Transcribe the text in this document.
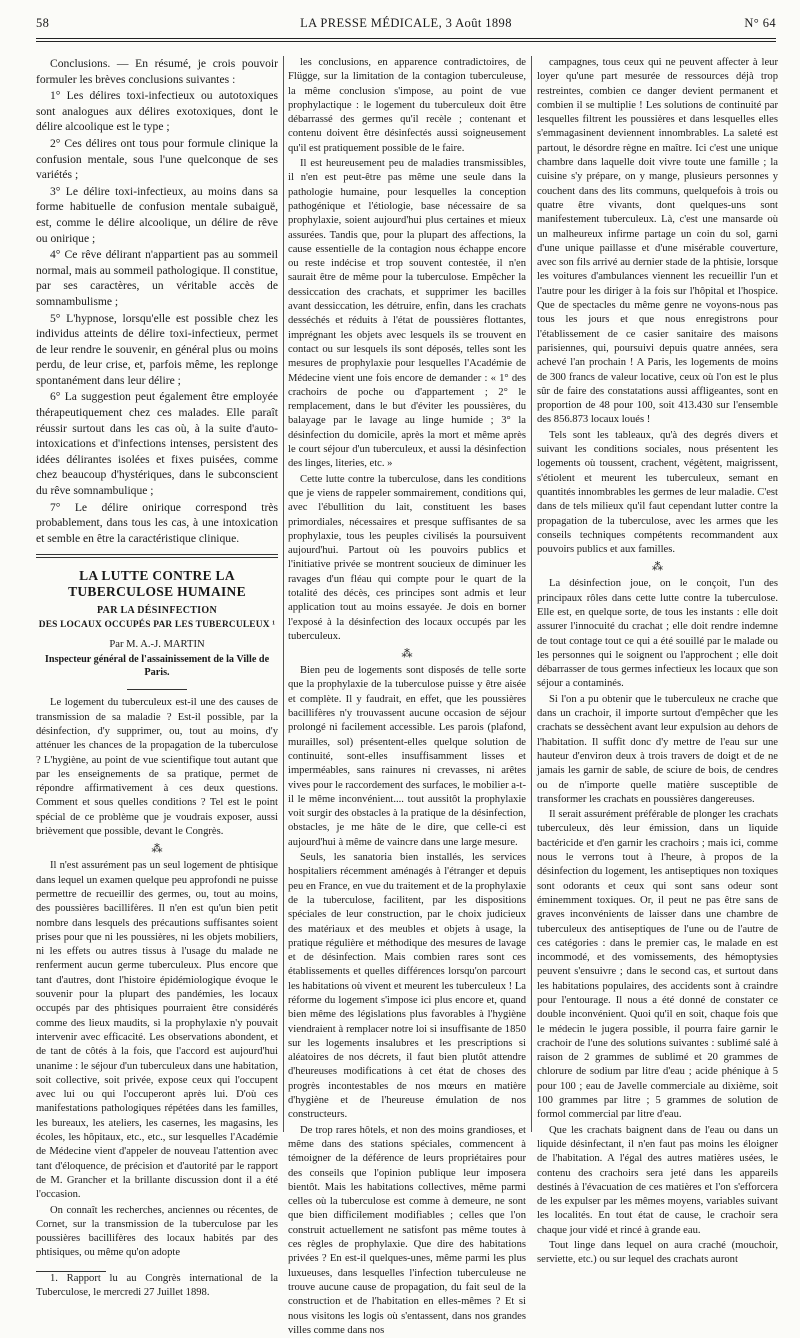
58	LA PRESSE MÉDICALE, 3 Août 1898	N° 64

Conclusions. — En résumé, je crois pouvoir formuler les brèves conclusions suivantes :

1° Les délires toxi-infectieux ou autotoxiques sont analogues aux délires exotoxiques, dont le délire alcoolique est le type ;

2° Ces délires ont tous pour formule clinique la confusion mentale, sous l'une quelconque de ses variétés ;

3° Le délire toxi-infectieux, au moins dans sa forme habituelle de confusion mentale subaiguë, est, comme le délire alcoolique, un délire de rêve ou onirique ;

4° Ce rêve délirant n'appartient pas au sommeil normal, mais au sommeil pathologique. Il constitue, par ses caractères, un véritable accès de somnambulisme ;

5° L'hypnose, lorsqu'elle est possible chez les individus atteints de délire toxi-infectieux, permet de leur rendre le souvenir, en général plus ou moins perdu, de leur crise, et, parfois même, les replonge spontanément dans leur délire ;

6° La suggestion peut également être employée thérapeutiquement chez ces malades. Elle paraît réussir surtout dans les cas où, à la suite d'auto-intoxications et d'infections intenses, persistent des idées délirantes isolées et fixes puisées, comme chez beaucoup d'hystériques, dans le subconscient du rêve somnambulique ;

7° Le délire onirique correspond très probablement, dans tous les cas, à une intoxication et semble en être la caractéristique clinique.

LA LUTTE CONTRE LA TUBERCULOSE HUMAINE
PAR LA DÉSINFECTION
DES LOCAUX OCCUPÉS PAR LES TUBERCULEUX ¹
Par M. A.-J. MARTIN
Inspecteur général de l'assainissement de la Ville de Paris.

Le logement du tuberculeux est-il une des causes de transmission de sa maladie ? Est-il possible, par la désinfection, d'y supprimer, ou, tout au moins, d'y atténuer les chances de la propagation de la tuberculose ? L'hygiène, au point de vue scientifique tout autant que par les enseignements de sa pratique, permet de répondre affirmativement à ces deux questions. Comment et sous quelles conditions ? Tel est le point spécial de ce problème que je voudrais exposer, aussi brièvement que possible, devant le Congrès.

⁂

Il n'est assurément pas un seul logement de phtisique dans lequel un examen quelque peu approfondi ne puisse permettre de recueillir des germes, ou, tout au moins, des poussières bacillifères. Il n'en est qu'un bien petit nombre dans lesquels des précautions suffisantes soient prises pour que ni les poussières, ni les objets mobiliers, ni les effets ou autres tissus à l'usage du malade ne renferment aucun germe tuberculeux. Plus encore que tant d'autres, dont l'histoire épidémiologique évoque le souvenir pour la plupart des pandémies, les locaux occupés par des phtisiques pourraient être considérés comme des lieux maudits, si la prophylaxie n'y pouvait intervenir avec efficacité. Les observations abondent, et de tant de côtés à la fois, que l'accord est aujourd'hui unanime : le séjour d'un tuberculeux dans une habitation, soit collective, soit privée, expose ceux qui l'occupent avec lui ou qui l'occuperont après lui. D'où ces manifestations pathologiques répétées dans les familles, les bureaux, les ateliers, les casernes, les magasins, les écoles, les hôpitaux, etc., etc., sur lesquelles l'Académie de Médecine vient d'appeler de nouveau l'attention avec tant d'éloquence, de précision et d'autorité par le rapport de M. Grancher et la brillante discussion dont il a été l'occasion.

On connaît les recherches, anciennes ou récentes, de Cornet, sur la transmission de la tuberculose par les poussières bacillifères des locaux habités par des phtisiques, ou même qu'on adopte

1. Rapport lu au Congrès international de la Tuberculose, le mercredi 27 Juillet 1898.

les conclusions, en apparence contradictoires, de Flügge, sur la limitation de la contagion tuberculeuse, la même conclusion s'impose, au point de vue prophylactique : le logement du tuberculeux doit être débarrassé des germes qu'il recèle ; contenant et contenu doivent être désinfectés aussi soigneusement qu'il est pratiquement possible de le faire.

Il est heureusement peu de maladies transmissibles, il n'en est peut-être pas même une seule dans la pathologie humaine, pour lesquelles la conception pathogénique et l'étiologie, base nécessaire de sa prophylaxie, soient aujourd'hui plus certaines et mieux assurées. Tandis que, pour la plupart des affections, la cause essentielle de la contagion nous échappe encore ou reste indécise et trop souvent contestée, il n'en saurait être de même pour la tuberculose. Empêcher la dessiccation des crachats, et supprimer les bacilles avant dessiccation, les détruire, enfin, dans les crachats desséchés et réduits à l'état de poussières flottantes, imprégnant les objets avec lesquels ils se trouvent en contact ou sur lesquels ils sont déposés, telles sont les mesures de prophylaxie pour lesquelles l'Académie de Médecine vient une fois encore de demander : « 1° des crachoirs de poche ou d'appartement ; 2° le remplacement, dans le but d'éviter les poussières, du balayage par le lavage au linge humide ; 3° la désinfection du domicile, après la mort et même après le court séjour d'un tuberculeux, et aussi la désinfection des linges, literies, etc. »

Cette lutte contre la tuberculose, dans les conditions que je viens de rappeler sommairement, conditions qui, avec l'ébullition du lait, constituent les bases primordiales, nécessaires et presque suffisantes de sa prophylaxie, tous les peuples civilisés la poursuivent aujourd'hui. Partout où les pouvoirs publics et l'initiative privée se montrent soucieux de diminuer les ravages d'un fléau qui compte pour le quart de la totalité des décès, ces principes sont admis et leur application tout au moins essayée. Je dois en borner l'exposé à la désinfection des locaux occupés par les tuberculeux.

⁂

Bien peu de logements sont disposés de telle sorte que la prophylaxie de la tuberculose puisse y être aisée et complète. Il y faudrait, en effet, que les poussières bacillifères n'y trouvassent aucune occasion de séjour prolongé ni facilement accessible. Les parois (plafond, murailles, sol) présentent-elles quelque solution de continuité, sont-elles insuffisamment lisses et imperméables, sans rainures ni crevasses, ni arêtes vives pour le raccordement des surfaces, le mobilier a-t-il le même inconvénient.... tout aussitôt la prophylaxie voit surgir des obstacles à la pratique de la désinfection, obstacles, je me hâte de le dire, que celle-ci est aujourd'hui à même de vaincre dans une large mesure.

Seuls, les sanatoria bien installés, les services hospitaliers récemment aménagés à l'étranger et depuis peu en France, en vue du traitement et de la prophylaxie de la tuberculose, facilitent, par les dispositions spéciales de leur construction, par le choix judicieux des matériaux et des meubles et objets à usage, la pratique régulière et méthodique des mesures de lavage et de désinfection. Mais combien rares sont ces établissements et quelles différences lorsqu'on parcourt les habitations où vivent et meurent les tuberculeux ! La réforme du logement s'impose ici plus encore et, quand bien même des législations plus favorables à l'hygiène viendraient à remplacer notre loi si insuffisante de 1850 sur les logements insalubres et les prescriptions si aléatoires de nos décrets, il faut bien plutôt attendre d'heureuses modifications à cet état de choses des progrès incontestables de nos mœurs en matière d'hygiène et de l'heureuse émulation de nos constructeurs.

De trop rares hôtels, et non des moins grandioses, et même dans des stations spéciales, commencent à témoigner de la déférence de leurs propriétaires pour des conseils que l'opinion publique leur imposera bientôt. Mais les habitations collectives, même parmi celles où la tuberculose est comme à demeure, ne sont que bien difficilement modifiables ; celles que l'on construit actuellement ne satisfont pas même toutes à ces règles de prophylaxie. Que dire des habitations privées ? En est-il quelques-unes, même parmi les plus luxueuses, dans lesquelles l'infection tuberculeuse ne trouve aucune cause de propagation, du fait seul de la construction et de l'habitation en elles-mêmes ? Et si nous visitons les logis où s'entassent, dans nos grandes villes comme dans nos

campagnes, tous ceux qui ne peuvent affecter à leur loyer qu'une part mesurée de ressources déjà trop restreintes, combien ce danger devient permanent et combien il se multiplie ! Les solutions de continuité par lesquelles filtrent les poussières et dans lesquelles elles s'emmagasinent deviennent innombrables. La saleté est partout, le désordre règne en maître. Ici c'est une unique chambre dans laquelle doit vivre toute une famille ; la cuisine s'y prépare, on y mange, plusieurs personnes y couchent dans des lits communs, quelquefois à trois ou quatre être vivants, dont quelques-uns sont manifestement tuberculeux. Là, c'est une mansarde où un malheureux infirme partage un coin du sol, garni d'une unique paillasse et d'une misérable couverture, avec son fils arrivé au dernier stade de la phtisie, lorsque les voitures d'ambulances viennent les recueillir l'un et l'autre pour les diriger à la fois sur l'hôpital et l'hospice. Que de spectacles du même genre ne voyons-nous pas tous les jours et que nous enregistrons pour l'établissement de ce casier sanitaire des maisons parisiennes, qui, poursuivi depuis quatre années, sera achevé l'an prochain ! A Paris, les logements de moins de 300 francs de valeur locative, ceux où l'on est le plus sûr de faire des constatations aussi affligeantes, sont en proportion de 48 pour 100, soit 413.430 sur l'ensemble des 856.873 locaux loués !

Tels sont les tableaux, qu'à des degrés divers et suivant les conditions sociales, nous présentent les logements où toussent, crachent, végètent, maigrissent, s'étiolent et meurent les tuberculeux, semant en quantités innombrables les germes de leur maladie. C'est dans de tels milieux qu'il faut cependant lutter contre la propagation de la tuberculose, avec les armes que les conseils techniques compétents recommandent aux pouvoirs publics et aux familles.

⁂

La désinfection joue, on le conçoit, l'un des principaux rôles dans cette lutte contre la tuberculose. Elle est, en quelque sorte, de tous les instants : elle doit assurer l'innocuité du crachat ; elle doit rendre indemne de tout contage tout ce qui a été souillé par le malade ou les personnes qui le soignent ou l'approchent ; elle doit débarrasser de tous germes infectieux les locaux que son séjour a contaminés.

Si l'on a pu obtenir que le tuberculeux ne crache que dans un crachoir, il importe surtout d'empêcher que les crachats se dessèchent avant leur expulsion au dehors de l'habitation. Il suffit donc d'y mettre de l'eau sur une hauteur d'environ deux à trois travers de doigt et de ne jamais les garnir de sable, de sciure de bois, de cendres ou de n'importe quelle matière susceptible de transformer les crachats en poussières dangereuses.

Il serait assurément préférable de plonger les crachats tuberculeux, dès leur émission, dans un liquide bactéricide et d'en garnir les crachoirs ; mais ici, comme nous le verrons tout à l'heure, à propos de la désinfection du logement, les antiseptiques non toxiques sont odorants et ceux qui sont sans odeur sont éminemment toxiques. Or, il peut ne pas être sans de graves inconvénients de laisser dans une chambre de tuberculeux des antiseptiques de l'une ou de l'autre de ces catégories : dans le premier cas, le malade en est incommodé, et des vomissements, des hémoptysies peuvent s'ensuivre ; dans le second cas, et surtout dans les habitations populaires, des accidents sont à craindre pour l'entourage. Il nous a été donné de constater ce double inconvénient. Quoi qu'il en soit, chaque fois que le médecin le jugera possible, il pourra faire garnir le crachoir de l'une des solutions suivantes : sublimé salé à raison de 2 grammes de sublimé et 20 grammes de chlorure de sodium par litre d'eau ; acide phénique à 5 pour 100 ; eau de Javelle commerciale au dixième, soit 100 grammes par litre ; 5 grammes de solution de formol commercial par litre d'eau.

Que les crachats baignent dans de l'eau ou dans un liquide désinfectant, il n'en faut pas moins les éloigner de l'habitation. A l'égal des autres matières usées, le contenu des crachoirs sera jeté dans les appareils destinés à l'évacuation de ces matières et l'on s'efforcera de les expulser par les mêmes moyens, variables suivant les localités. En tout état de cause, le crachoir sera chaque jour vidé et rincé à grande eau.

Tout linge dans lequel on aura craché (mouchoir, serviette, etc.) ou sur lequel des crachats auront
